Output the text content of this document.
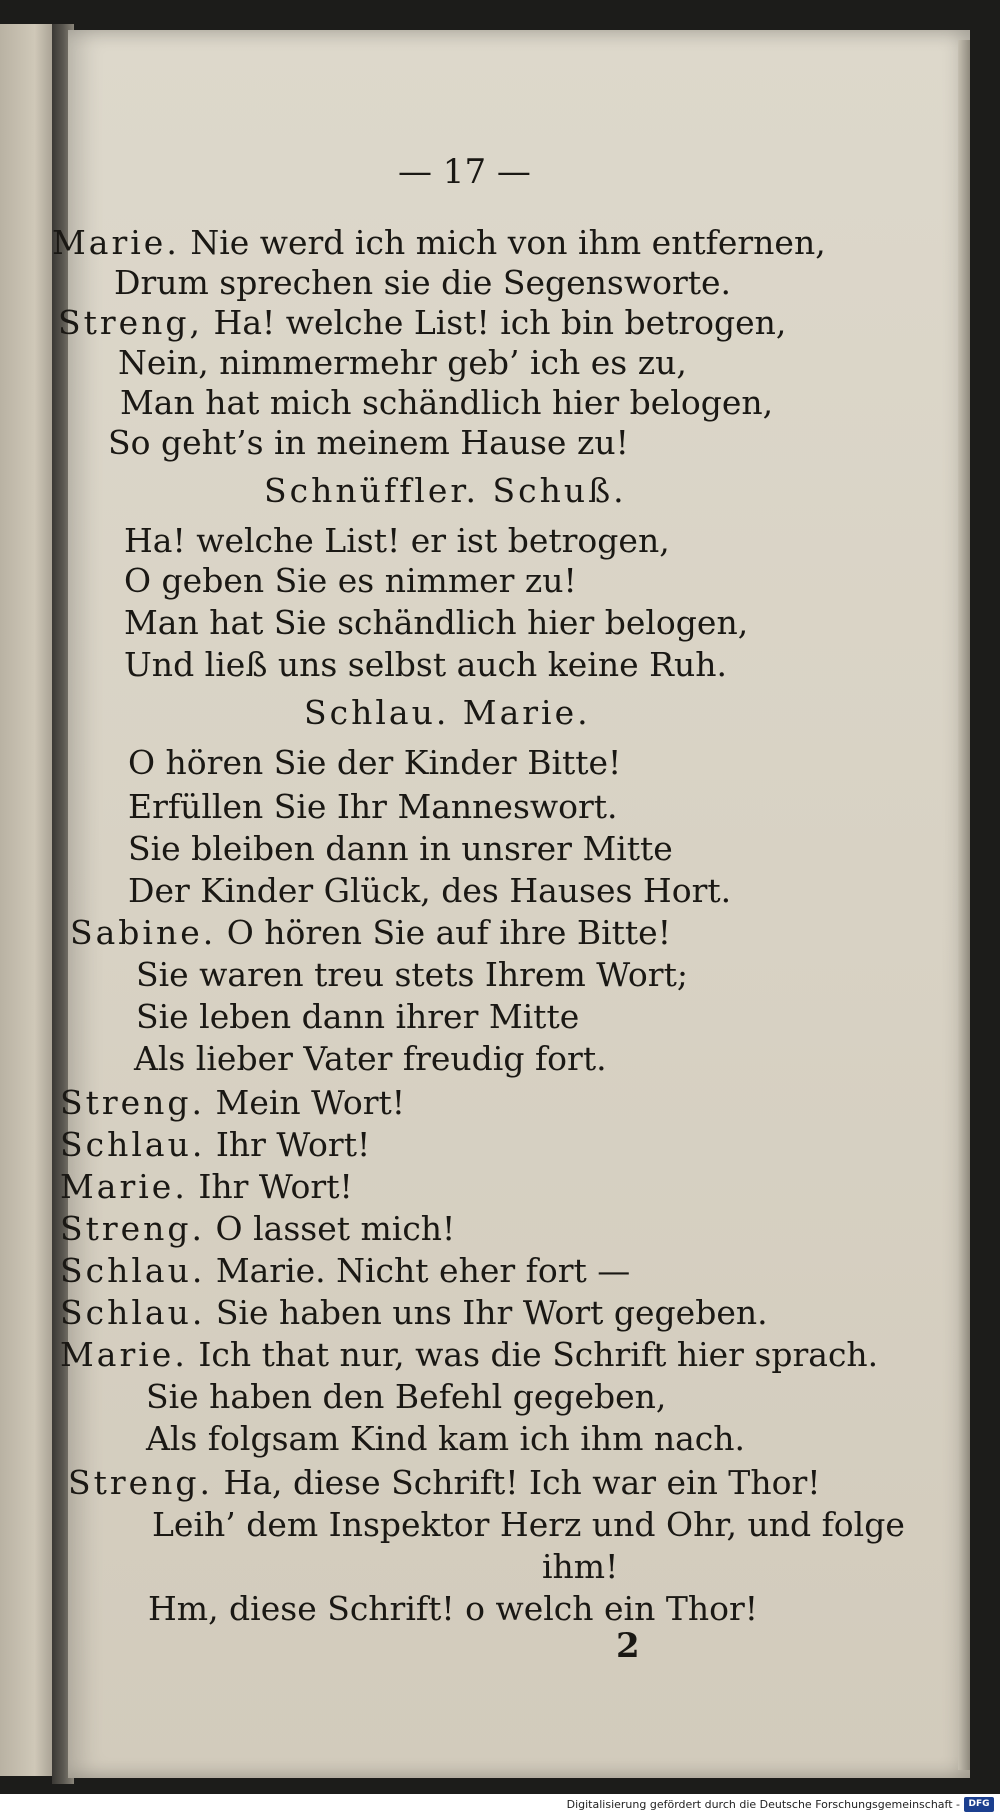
— 17 —
Marie. Nie werd ich mich von ihm entfernen,
Drum sprechen sie die Segensworte.
Streng, Ha! welche List! ich bin betrogen,
Nein, nimmermehr geb’ ich es zu,
Man hat mich schändlich hier belogen,
So geht’s in meinem Hause zu!
Schnüffler. Schuß.
Ha! welche List! er ist betrogen,
O geben Sie es nimmer zu!
Man hat Sie schändlich hier belogen,
Und ließ uns selbst auch keine Ruh.
Schlau. Marie.
O hören Sie der Kinder Bitte!
Erfüllen Sie Ihr Manneswort.
Sie bleiben dann in unsrer Mitte
Der Kinder Glück, des Hauses Hort.
Sabine. O hören Sie auf ihre Bitte!
Sie waren treu stets Ihrem Wort;
Sie leben dann ihrer Mitte
Als lieber Vater freudig fort.
Streng. Mein Wort!
Schlau. Ihr Wort!
Marie. Ihr Wort!
Streng. O lasset mich!
Schlau. Marie. Nicht eher fort —
Schlau. Sie haben uns Ihr Wort gegeben.
Marie. Ich that nur, was die Schrift hier sprach.
Sie haben den Befehl gegeben,
Als folgsam Kind kam ich ihm nach.
Streng. Ha, diese Schrift! Ich war ein Thor!
Leih’ dem Inspektor Herz und Ohr, und folge
ihm!
Hm, diese Schrift! o welch ein Thor!
2
Digitalisierung gefördert durch die Deutsche Forschungsgemeinschaft - DFG
